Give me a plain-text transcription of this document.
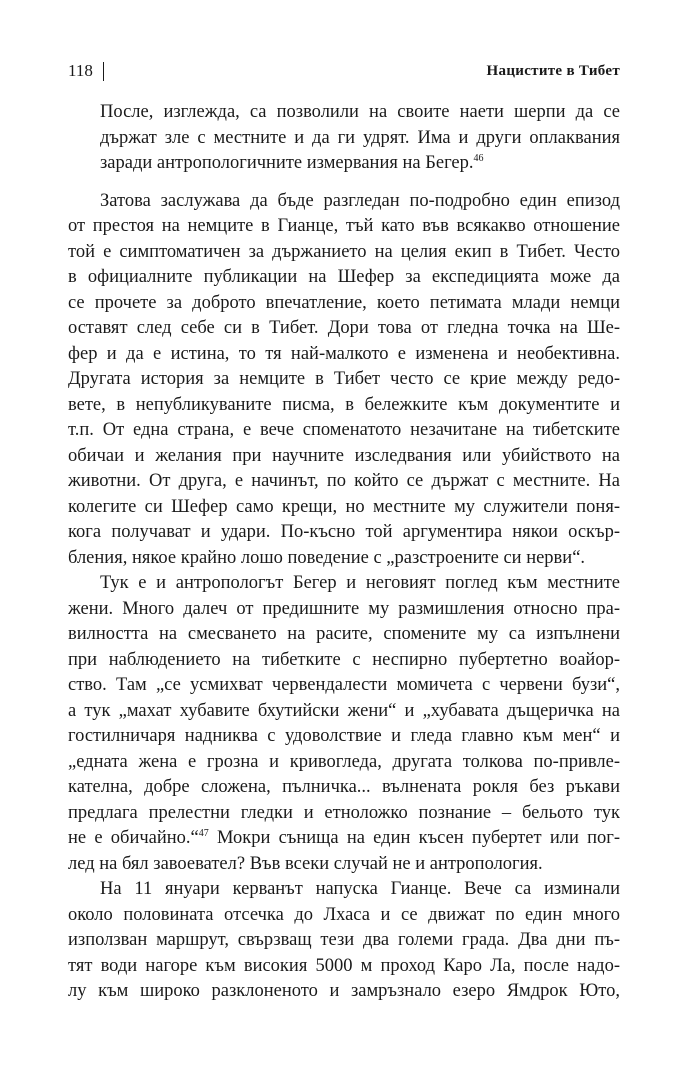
118	Нацистите в Тибет
После, изглежда, са позволили на своите наети шерпи да се
държат зле с местните и да ги удрят. Има и други оплаквания
заради антропологичните измервания на Бегер.$^{46}$
Затова заслужава да бъде разгледан по-подробно един епизод
от престоя на немците в Гианце, тъй като във всякакво отношение
той е симптоматичен за държанието на целия екип в Тибет. Често
в официалните публикации на Шефер за експедицията може да
се прочете за доброто впечатление, което петимата млади немци
оставят след себе си в Тибет. Дори това от гледна точка на Ше-
фер и да е истина, то тя най-малкото е изменена и необективна.
Другата история за немците в Тибет често се крие между редо-
вете, в непубликуваните писма, в бележките към документите и
т.п. От една страна, е вече споменатото незачитане на тибетските
обичаи и желания при научните изследвания или убийството на
животни. От друга, е начинът, по който се държат с местните. На
колегите си Шефер само крещи, но местните му служители поня-
кога получават и удари. По-късно той аргументира някои оскър-
бления, някое крайно лошо поведение с „разстроените си нерви“.
Тук е и антропологът Бегер и неговият поглед към местните
жени. Много далеч от предишните му размишления относно пра-
вилността на смесването на расите, спомените му са изпълнени
при наблюдението на тибетките с неспирно пубертетно воайор-
ство. Там „се усмихват червендалести момичета с червени бузи“,
а тук „махат хубавите бхутийски жени“ и „хубавата дъщеричка на
гостилничаря надниква с удоволствие и гледа главно към мен“ и
„едната жена е грозна и кривогледа, другата толкова по-привле-
кателна, добре сложена, пълничка... вълнената рокля без ръкави
предлага прелестни гледки и етноложко познание – бельото тук
не е обичайно.“$^{47}$ Мокри сънища на един късен пубертет или пог-
лед на бял завоевател? Във всеки случай не и антропология.
На 11 януари керванът напуска Гианце. Вече са изминали
около половината отсечка до Лхаса и се движат по един много
използван маршрут, свързващ тези два големи града. Два дни пъ-
тят води нагоре към високия 5000 м проход Каро Ла, после надо-
лу към широко разклоненото и замръзнало езеро Ямдрок Юто,
